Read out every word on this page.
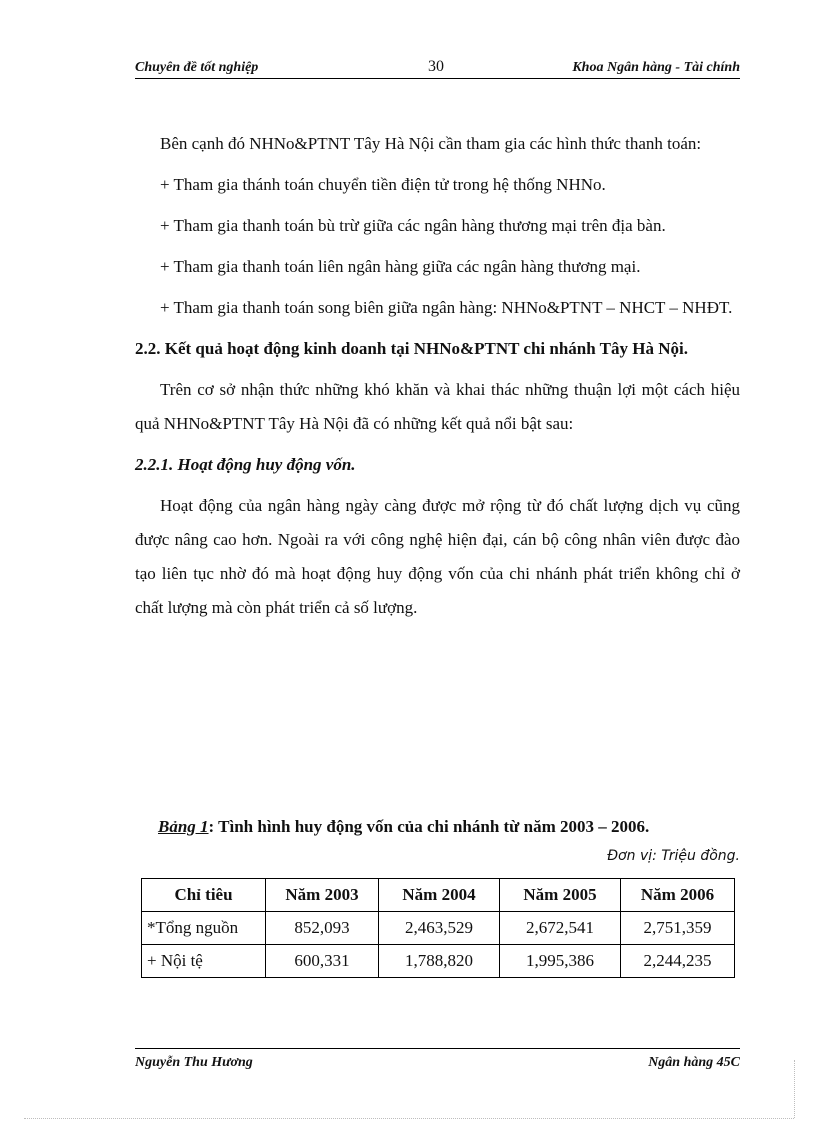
Chuyên đề tốt nghiệp	30	Khoa Ngân hàng - Tài chính

Bên cạnh đó NHNo&PTNT Tây Hà Nội cần tham gia các hình thức thanh toán:

+ Tham gia thánh toán chuyển tiền điện tử trong hệ thống NHNo.

+ Tham gia thanh toán bù trừ giữa các ngân hàng thương mại trên địa bàn.

+ Tham gia thanh toán liên ngân hàng giữa các ngân hàng thương mại.

+ Tham gia thanh toán song biên giữa ngân hàng: NHNo&PTNT – NHCT – NHĐT.

2.2. Kết quả hoạt động kinh doanh tại NHNo&PTNT chi nhánh Tây Hà Nội.

Trên cơ sở nhận thức những khó khăn và khai thác những thuận lợi một cách hiệu quả NHNo&PTNT Tây Hà Nội đã có những kết quả nổi bật sau:

2.2.1. Hoạt động huy động vốn.

Hoạt động của ngân hàng ngày càng được mở rộng từ đó chất lượng dịch vụ cũng được nâng cao hơn. Ngoài ra với công nghệ hiện đại, cán bộ công nhân viên được đào tạo liên tục nhờ đó mà hoạt động huy động vốn của chi nhánh phát triển không chỉ ở chất lượng mà còn phát triển cả số lượng.

Bảng 1: Tình hình huy động vốn của chi nhánh từ năm 2003 – 2006.
Đơn vị: Triệu đồng.
Chỉ tiêu	Năm 2003	Năm 2004	Năm 2005	Năm 2006
*Tổng nguồn	852,093	2,463,529	2,672,541	2,751,359
+ Nội tệ	600,331	1,788,820	1,995,386	2,244,235
Nguyễn Thu Hương	Ngân hàng 45C
